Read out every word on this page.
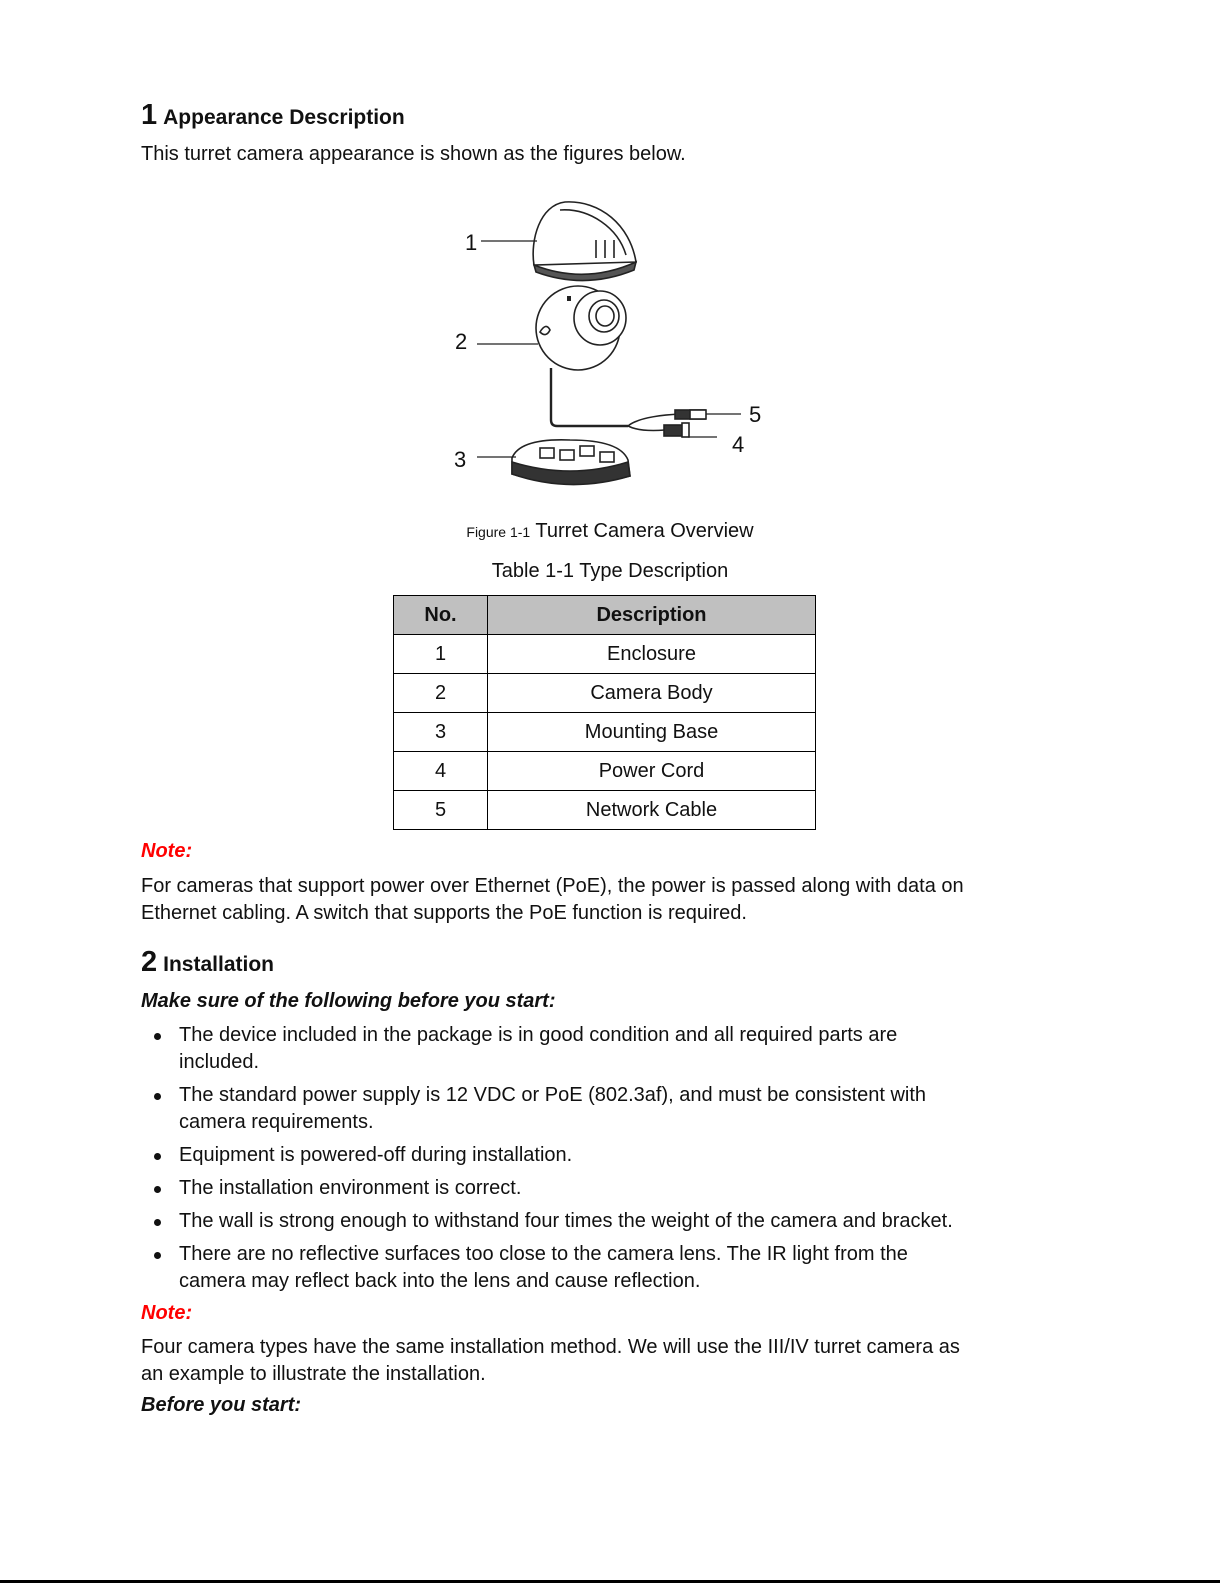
1 Appearance Description
This turret camera appearance is shown as the figures below.
1
2
3
4
5
Figure 1-1 Turret Camera Overview
Table 1-1 Type Description
No.	Description
1	Enclosure
2	Camera Body
3	Mounting Base
4	Power Cord
5	Network Cable
Note:
For cameras that support power over Ethernet (PoE), the power is passed along with data on
Ethernet cabling. A switch that supports the PoE function is required.
2 Installation
Make sure of the following before you start:
The device included in the package is in good condition and all required parts are
included.
The standard power supply is 12 VDC or PoE (802.3af), and must be consistent with
camera requirements.
Equipment is powered-off during installation.
The installation environment is correct.
The wall is strong enough to withstand four times the weight of the camera and bracket.
There are no reflective surfaces too close to the camera lens. The IR light from the
camera may reflect back into the lens and cause reflection.
Note:
Four camera types have the same installation method. We will use the III/IV turret camera as
an example to illustrate the installation.
Before you start:
